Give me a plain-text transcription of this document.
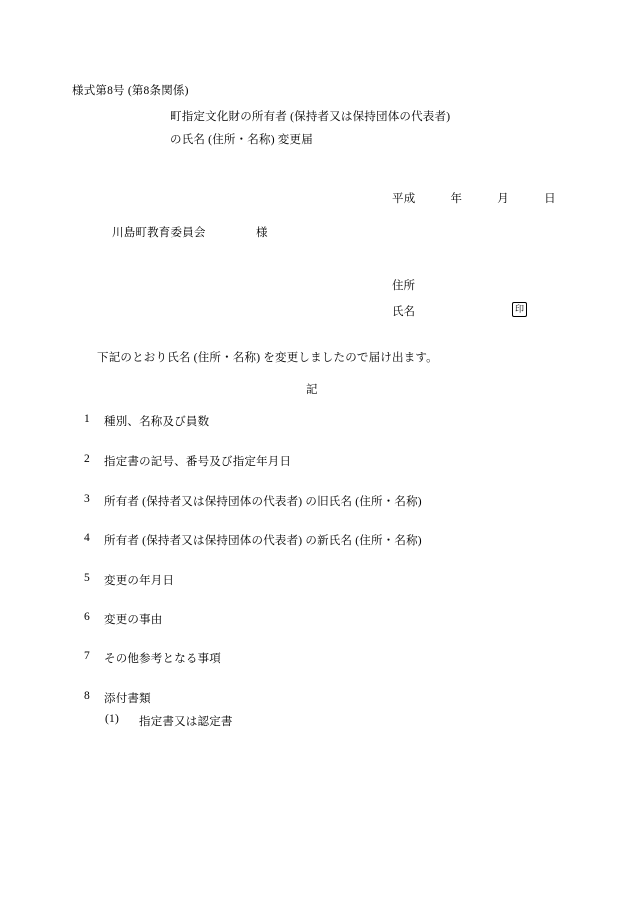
様式第8号 (第8条関係)
町指定文化財の所有者 (保持者又は保持団体の代表者)
の氏名 (住所・名称) 変更届
平成　　　年　　　月　　　日
川島町教育委員会	様
住所
氏名	印
下記のとおり氏名 (住所・名称) を変更しましたので届け出ます。
記
1	種別、名称及び員数
2	指定書の記号、番号及び指定年月日
3	所有者 (保持者又は保持団体の代表者) の旧氏名 (住所・名称)
4	所有者 (保持者又は保持団体の代表者) の新氏名 (住所・名称)
5	変更の年月日
6	変更の事由
7	その他参考となる事項
8	添付書類
(1) 指定書又は認定書
